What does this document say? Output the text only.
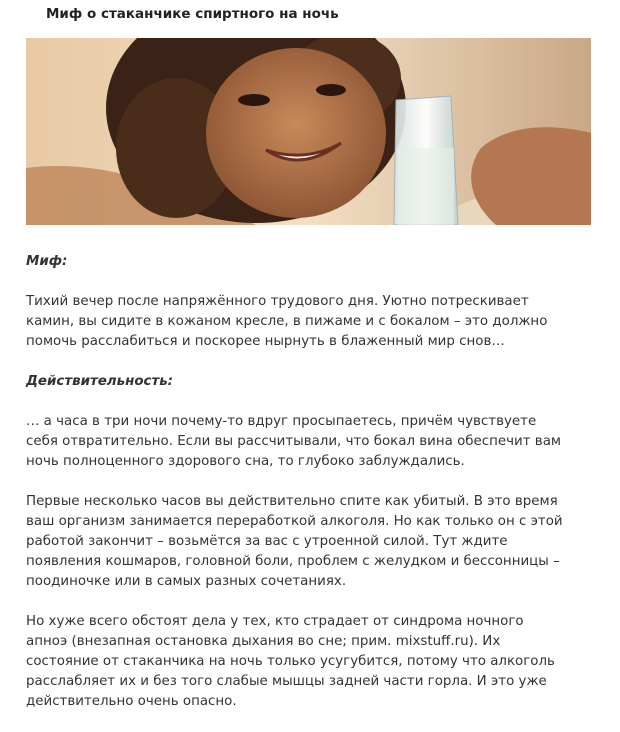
Миф о стаканчике спиртного на ночь
Миф:

Тихий вечер после напряжённого трудового дня. Уютно потрескивает
камин, вы сидите в кожаном кресле, в пижаме и с бокалом – это должно
помочь расслабиться и поскорее нырнуть в блаженный мир снов…

Действительность:

… а часа в три ночи почему-то вдруг просыпаетесь, причём чувствуете
себя отвратительно. Если вы рассчитывали, что бокал вина обеспечит вам
ночь полноценного здорового сна, то глубоко заблуждались.

Первые несколько часов вы действительно спите как убитый. В это время
ваш организм занимается переработкой алкоголя. Но как только он с этой
работой закончит – возьмётся за вас с утроенной силой. Тут ждите
появления кошмаров, головной боли, проблем с желудком и бессонницы –
поодиночке или в самых разных сочетаниях.

Но хуже всего обстоят дела у тех, кто страдает от синдрома ночного
апноэ (внезапная остановка дыхания во сне; прим. mixstuff.ru). Их
состояние от стаканчика на ночь только усугубится, потому что алкоголь
расслабляет их и без того слабые мышцы задней части горла. И это уже
действительно очень опасно.
